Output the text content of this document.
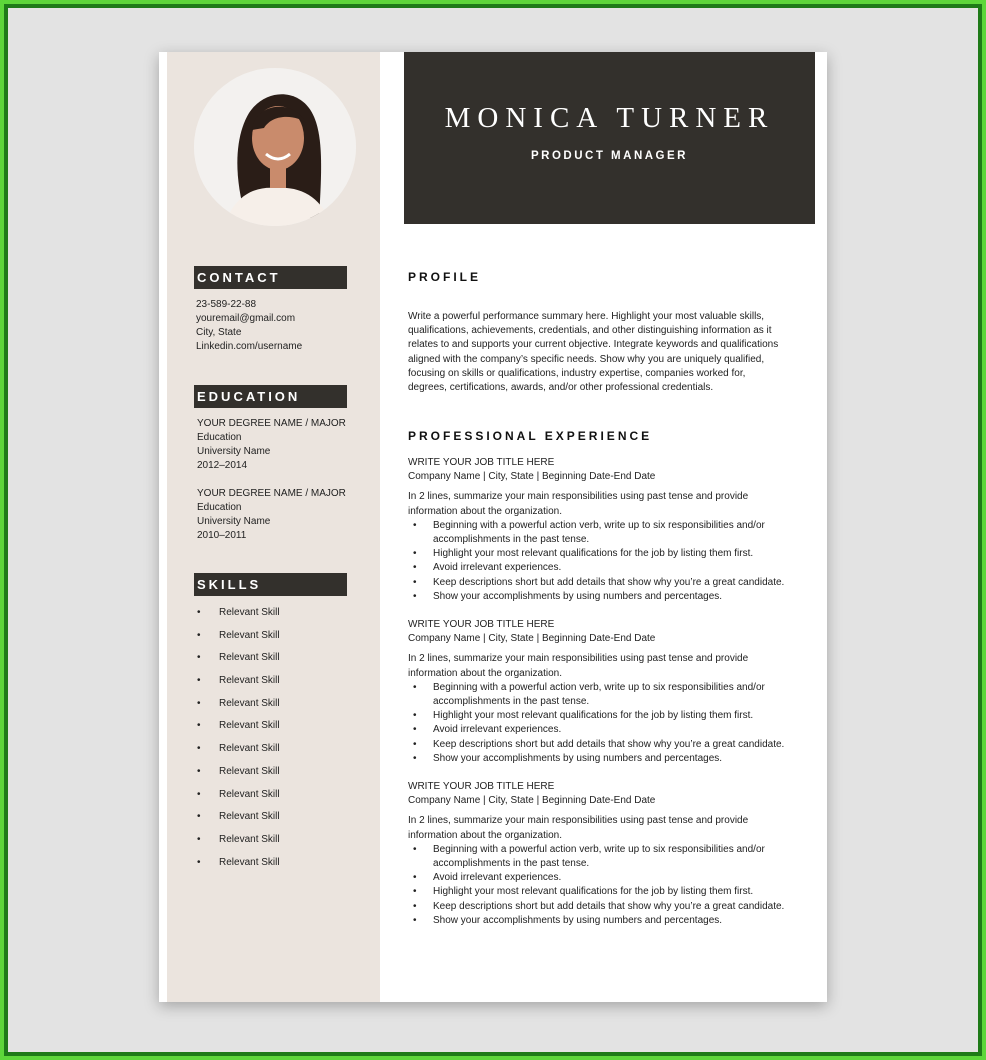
CONTACT
23-589-22-88
youremail@gmail.com
City, State
Linkedin.com/username
EDUCATION
YOUR DEGREE NAME / MAJOR
Education
University Name
2012–2014
YOUR DEGREE NAME / MAJOR
Education
University Name
2010–2011
SKILLS
• Relevant Skill
• Relevant Skill
• Relevant Skill
• Relevant Skill
• Relevant Skill
• Relevant Skill
• Relevant Skill
• Relevant Skill
• Relevant Skill
• Relevant Skill
• Relevant Skill
• Relevant Skill
MONICA TURNER
PRODUCT MANAGER
PROFILE
Write a powerful performance summary here. Highlight your most valuable skills,
qualifications, achievements, credentials, and other distinguishing information as it
relates to and supports your current objective. Integrate keywords and qualifications
aligned with the company’s specific needs. Show why you are uniquely qualified,
focusing on skills or qualifications, industry expertise, companies worked for,
degrees, certifications, awards, and/or other professional credentials.
PROFESSIONAL EXPERIENCE
WRITE YOUR JOB TITLE HERE
Company Name | City, State | Beginning Date-End Date
In 2 lines, summarize your main responsibilities using past tense and provide
information about the organization.
• Beginning with a powerful action verb, write up to six responsibilities and/or
accomplishments in the past tense.
• Highlight your most relevant qualifications for the job by listing them first.
• Avoid irrelevant experiences.
• Keep descriptions short but add details that show why you’re a great candidate.
• Show your accomplishments by using numbers and percentages.
WRITE YOUR JOB TITLE HERE
Company Name | City, State | Beginning Date-End Date
In 2 lines, summarize your main responsibilities using past tense and provide
information about the organization.
• Beginning with a powerful action verb, write up to six responsibilities and/or
accomplishments in the past tense.
• Highlight your most relevant qualifications for the job by listing them first.
• Avoid irrelevant experiences.
• Keep descriptions short but add details that show why you’re a great candidate.
• Show your accomplishments by using numbers and percentages.
WRITE YOUR JOB TITLE HERE
Company Name | City, State | Beginning Date-End Date
In 2 lines, summarize your main responsibilities using past tense and provide
information about the organization.
• Beginning with a powerful action verb, write up to six responsibilities and/or
accomplishments in the past tense.
• Avoid irrelevant experiences.
• Highlight your most relevant qualifications for the job by listing them first.
• Keep descriptions short but add details that show why you’re a great candidate.
• Show your accomplishments by using numbers and percentages.
